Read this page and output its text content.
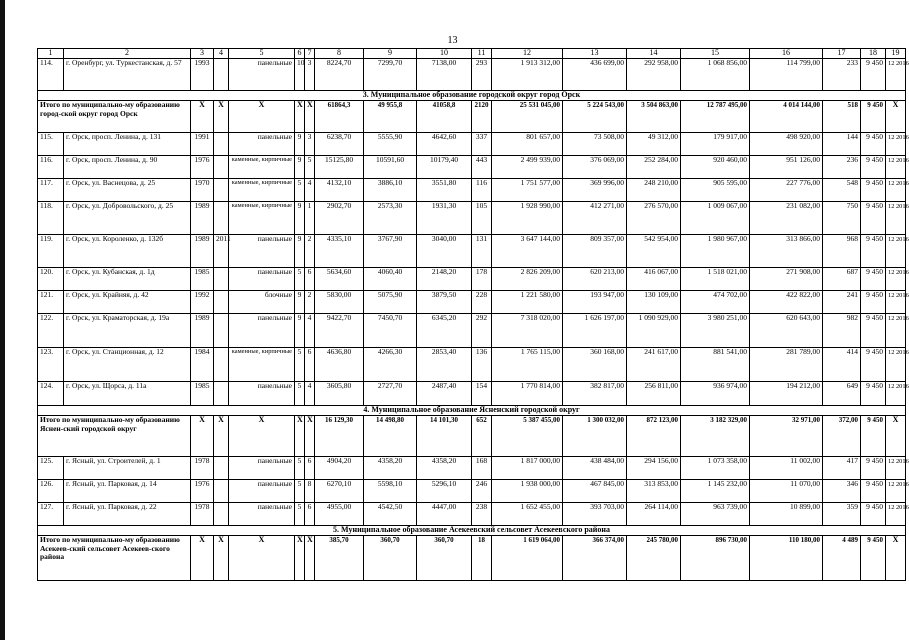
13
1	2	3	4	5	6	7	8	9	10	11	12	13	14	15	16	17	18	19
114.	г. Оренбург, ул. Туркестанская, д. 57	1993		панельные	10	3	8224,70	7299,70	7138,00	293	1 913 312,00	436 699,00	292 958,00	1 068 856,00	114 799,00	233	9 450	12 2016
3. Муниципальное образование городской округ город Орск																		
Итого по муниципально-му образованию город-ской округ город Орск		X	X	X	X	X	61864,3	49 955,8	41058,8	2120	25 531 045,00	5 224 543,00	3 504 863,00	12 787 495,00	4 014 144,00	518	9 450	X
115.	г. Орск, просп. Ленина, д. 131	1991		панельные	9	3	6238,70	5555,90	4642,60	337	801 657,00	73 508,00	49 312,00	179 917,00	498 920,00	144	9 450	12 2016
116.	г. Орск, просп. Ленина, д. 90	1976		каменные, кирпичные	9	5	15125,80	10591,60	10179,40	443	2 499 939,00	376 069,00	252 284,00	920 460,00	951 126,00	236	9 450	12 2016
117.	г. Орск, ул. Васнецова, д. 25	1970		каменные, кирпичные	5	4	4132,10	3886,10	3551,80	116	1 751 577,00	369 996,00	248 210,00	905 595,00	227 776,00	548	9 450	12 2016
118.	г. Орск, ул. Добровольского, д. 25	1989		каменные, кирпичные	9	1	2902,70	2573,30	1931,30	105	1 928 990,00	412 271,00	276 570,00	1 009 067,00	231 082,00	750	9 450	12 2016
119.	г. Орск, ул. Короленко, д. 132б	1989	2011	панельные	9	2	4335,10	3767,90	3040,00	131	3 647 144,00	809 357,00	542 954,00	1 980 967,00	313 866,00	968	9 450	12 2016
120.	г. Орск, ул. Кубанская, д. 1д	1985		панельные	5	6	5634,60	4060,40	2148,20	178	2 826 209,00	620 213,00	416 067,00	1 518 021,00	271 908,00	687	9 450	12 2016
121.	г. Орск, ул. Крайняя, д. 42	1992		блочные	9	2	5830,00	5075,90	3879,50	228	1 221 580,00	193 947,00	130 109,00	474 702,00	422 822,00	241	9 450	12 2016
122.	г. Орск, ул. Краматорская, д. 19а	1989		панельные	9	4	9422,70	7450,70	6345,20	292	7 318 020,00	1 626 197,00	1 090 929,00	3 980 251,00	620 643,00	982	9 450	12 2016
123.	г. Орск, ул. Станционная, д. 12	1984		каменные, кирпичные	5	6	4636,80	4266,30	2853,40	136	1 765 115,00	360 168,00	241 617,00	881 541,00	281 789,00	414	9 450	12 2016
124.	г. Орск, ул. Щорса, д. 11а	1985		панельные	5	4	3605,80	2727,70	2487,40	154	1 770 814,00	382 817,00	256 811,00	936 974,00	194 212,00	649	9 450	12 2016
4. Муниципальное образование Ясненский городской округ																		
Итого по муниципально-му образованию Яснен-ский городской округ		X	X	X	X	X	16 129,30	14 498,80	14 101,30	652	5 387 455,00	1 300 032,00	872 123,00	3 182 329,00	32 971,00	372,00	9 450	X
125.	г. Ясный, ул. Строителей, д. 1	1978		панельные	5	6	4904,20	4358,20	4358,20	168	1 817 000,00	438 484,00	294 156,00	1 073 358,00	11 002,00	417	9 450	12 2016
126.	г. Ясный, ул. Парковая, д. 14	1976		панельные	5	8	6270,10	5598,10	5296,10	246	1 938 000,00	467 845,00	313 853,00	1 145 232,00	11 070,00	346	9 450	12 2016
127.	г. Ясный, ул. Парковая, д. 22	1978		панельные	5	6	4955,00	4542,50	4447,00	238	1 652 455,00	393 703,00	264 114,00	963 739,00	10 899,00	359	9 450	12 2016
5. Муниципальное образование Асекеевский сельсовет Асекеевского района																		
Итого по муниципально-му образованию Асекеев-ский сельсовет Асекеев-ского района		X	X	X	X	X	385,70	360,70	360,70	18	1 619 064,00	366 374,00	245 780,00	896 730,00	110 180,00	4 489	9 450	X
